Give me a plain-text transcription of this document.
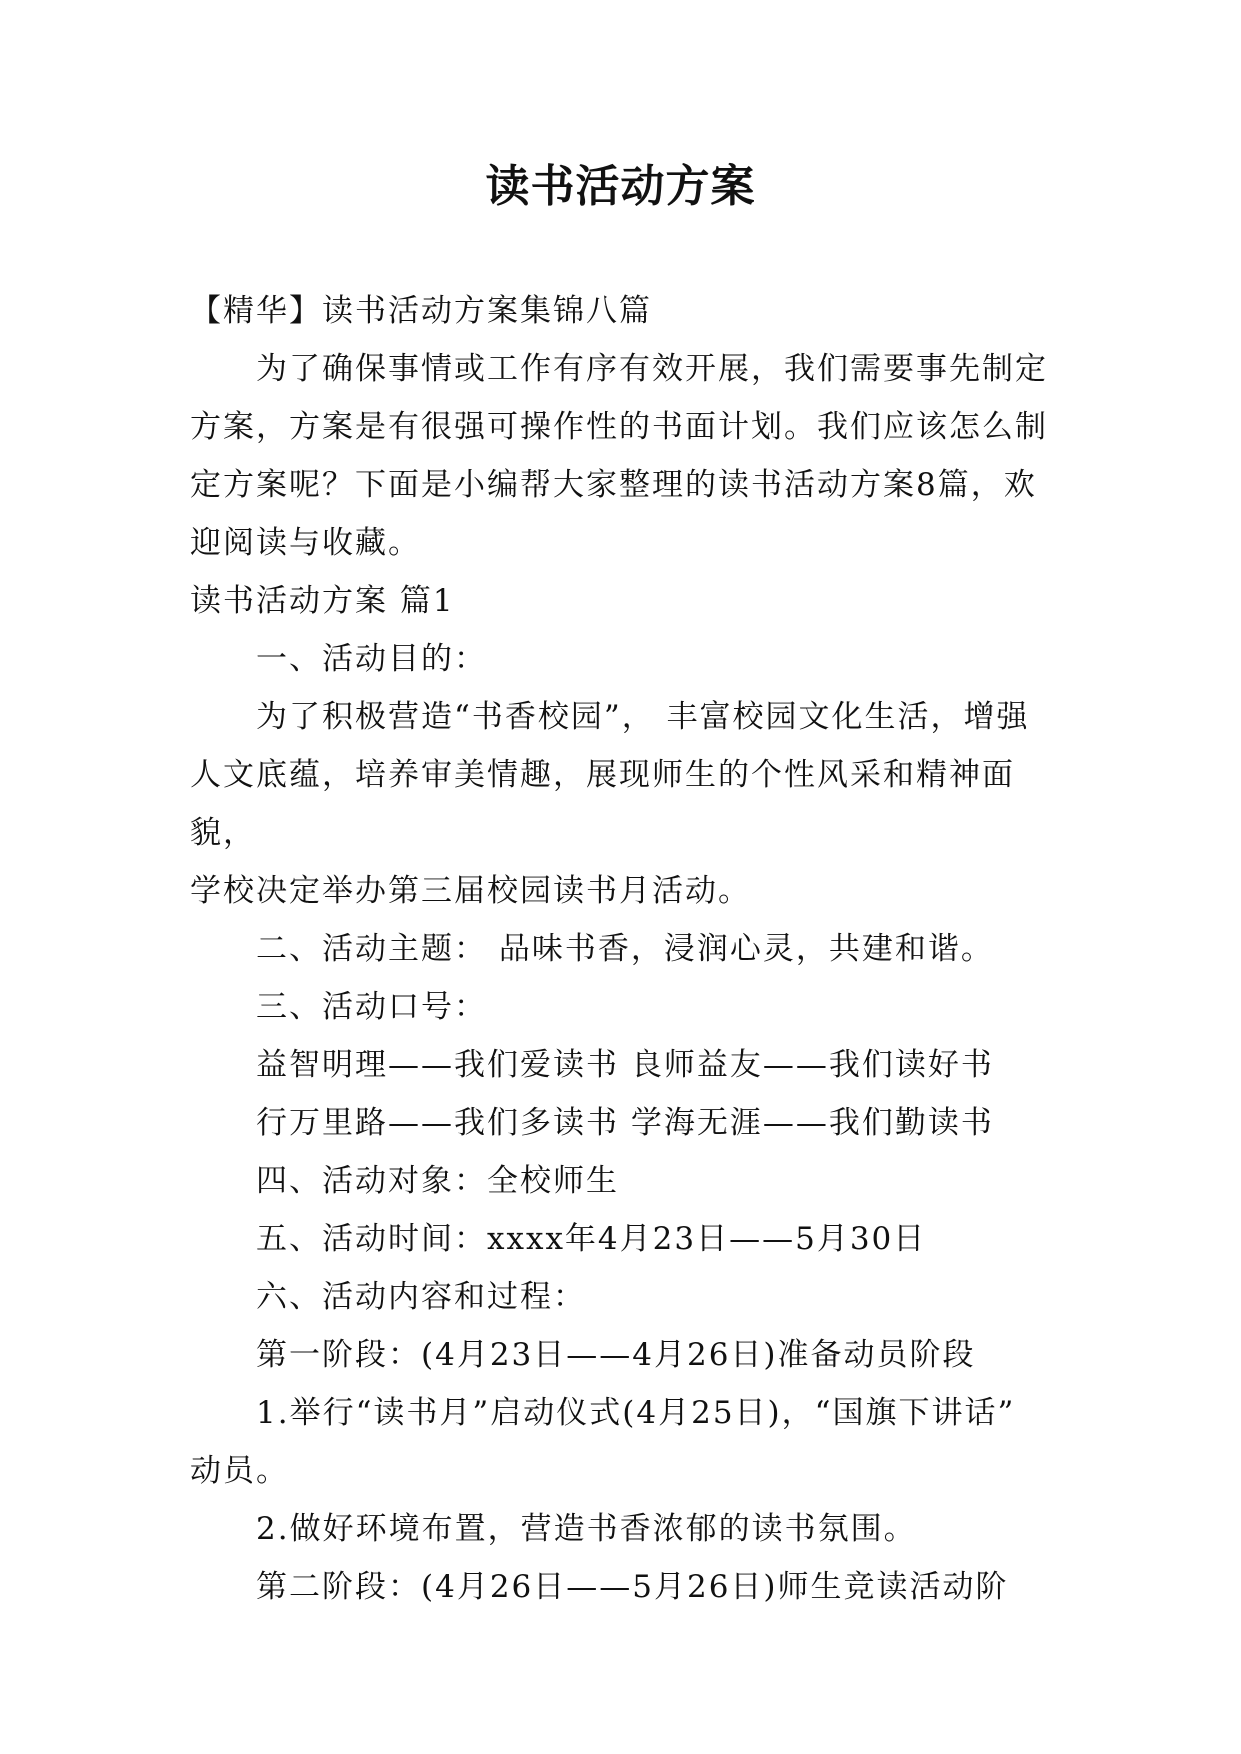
读书活动方案

【精华】读书活动方案集锦八篇

为了确保事情或工作有序有效开展，我们需要事先制定
方案，方案是有很强可操作性的书面计划。我们应该怎么制
定方案呢？下面是小编帮大家整理的读书活动方案8篇，欢
迎阅读与收藏。

读书活动方案 篇1

一、活动目的：

为了积极营造“书香校园”， 丰富校园文化生活，增强
人文底蕴，培养审美情趣，展现师生的个性风采和精神面貌，
学校决定举办第三届校园读书月活动。

二、活动主题： 品味书香，浸润心灵，共建和谐。

三、活动口号：

益智明理——我们爱读书 良师益友——我们读好书

行万里路——我们多读书 学海无涯——我们勤读书

四、活动对象：全校师生

五、活动时间：xxxx年4月23日——5月30日

六、活动内容和过程：

第一阶段：(4月23日——4月26日)准备动员阶段

1.举行“读书月”启动仪式(4月25日)，“国旗下讲话”
动员。

2.做好环境布置，营造书香浓郁的读书氛围。

第二阶段：(4月26日——5月26日)师生竞读活动阶
